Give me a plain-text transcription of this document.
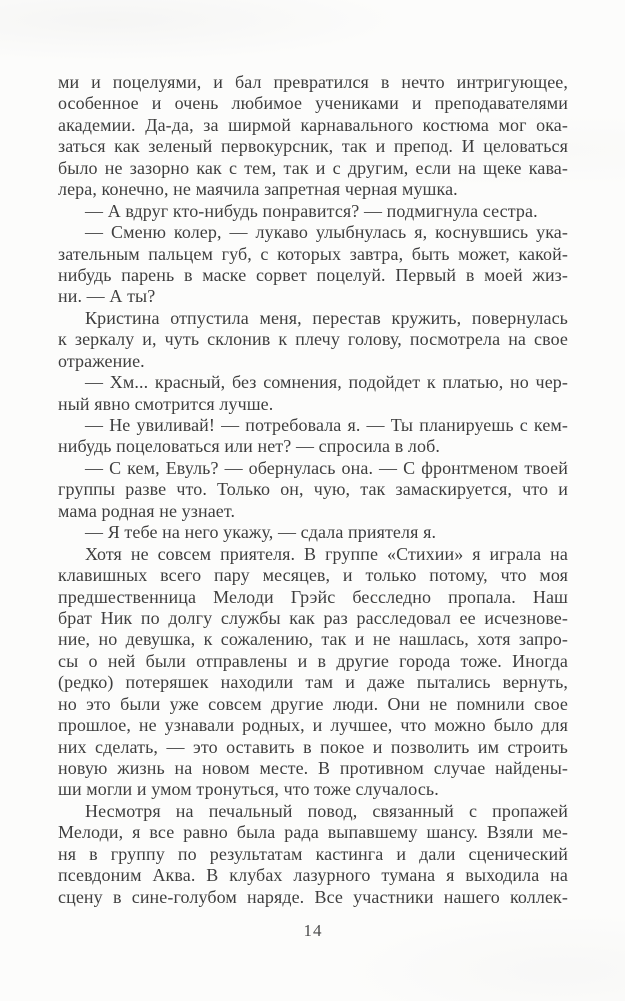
ми и поцелуями, и бал превратился в нечто интригующее,
особенное и очень любимое учениками и преподавателями
академии. Да-да, за ширмой карнавального костюма мог ока-
заться как зеленый первокурсник, так и препод. И целоваться
было не зазорно как с тем, так и с другим, если на щеке кава-
лера, конечно, не маячила запретная черная мушка.
— А вдруг кто-нибудь понравится? — подмигнула сестра.
— Сменю колер, — лукаво улыбнулась я, коснувшись ука-
зательным пальцем губ, с которых завтра, быть может, какой-
нибудь парень в маске сорвет поцелуй. Первый в моей жиз-
ни. — А ты?
Кристина отпустила меня, перестав кружить, повернулась
к зеркалу и, чуть склонив к плечу голову, посмотрела на свое
отражение.
— Хм... красный, без сомнения, подойдет к платью, но чер-
ный явно смотрится лучше.
— Не увиливай! — потребовала я. — Ты планируешь с кем-
нибудь поцеловаться или нет? — спросила в лоб.
— С кем, Евуль? — обернулась она. — С фронтменом твоей
группы разве что. Только он, чую, так замаскируется, что и
мама родная не узнает.
— Я тебе на него укажу, — сдала приятеля я.
Хотя не совсем приятеля. В группе «Стихии» я играла на
клавишных всего пару месяцев, и только потому, что моя
предшественница Мелоди Грэйс бесследно пропала. Наш
брат Ник по долгу службы как раз расследовал ее исчезнове-
ние, но девушка, к сожалению, так и не нашлась, хотя запро-
сы о ней были отправлены и в другие города тоже. Иногда
(редко) потеряшек находили там и даже пытались вернуть,
но это были уже совсем другие люди. Они не помнили свое
прошлое, не узнавали родных, и лучшее, что можно было для
них сделать, — это оставить в покое и позволить им строить
новую жизнь на новом месте. В противном случае найдены-
ши могли и умом тронуться, что тоже случалось.
Несмотря на печальный повод, связанный с пропажей
Мелоди, я все равно была рада выпавшему шансу. Взяли ме-
ня в группу по результатам кастинга и дали сценический
псевдоним Аква. В клубах лазурного тумана я выходила на
сцену в сине-голубом наряде. Все участники нашего коллек-
14
